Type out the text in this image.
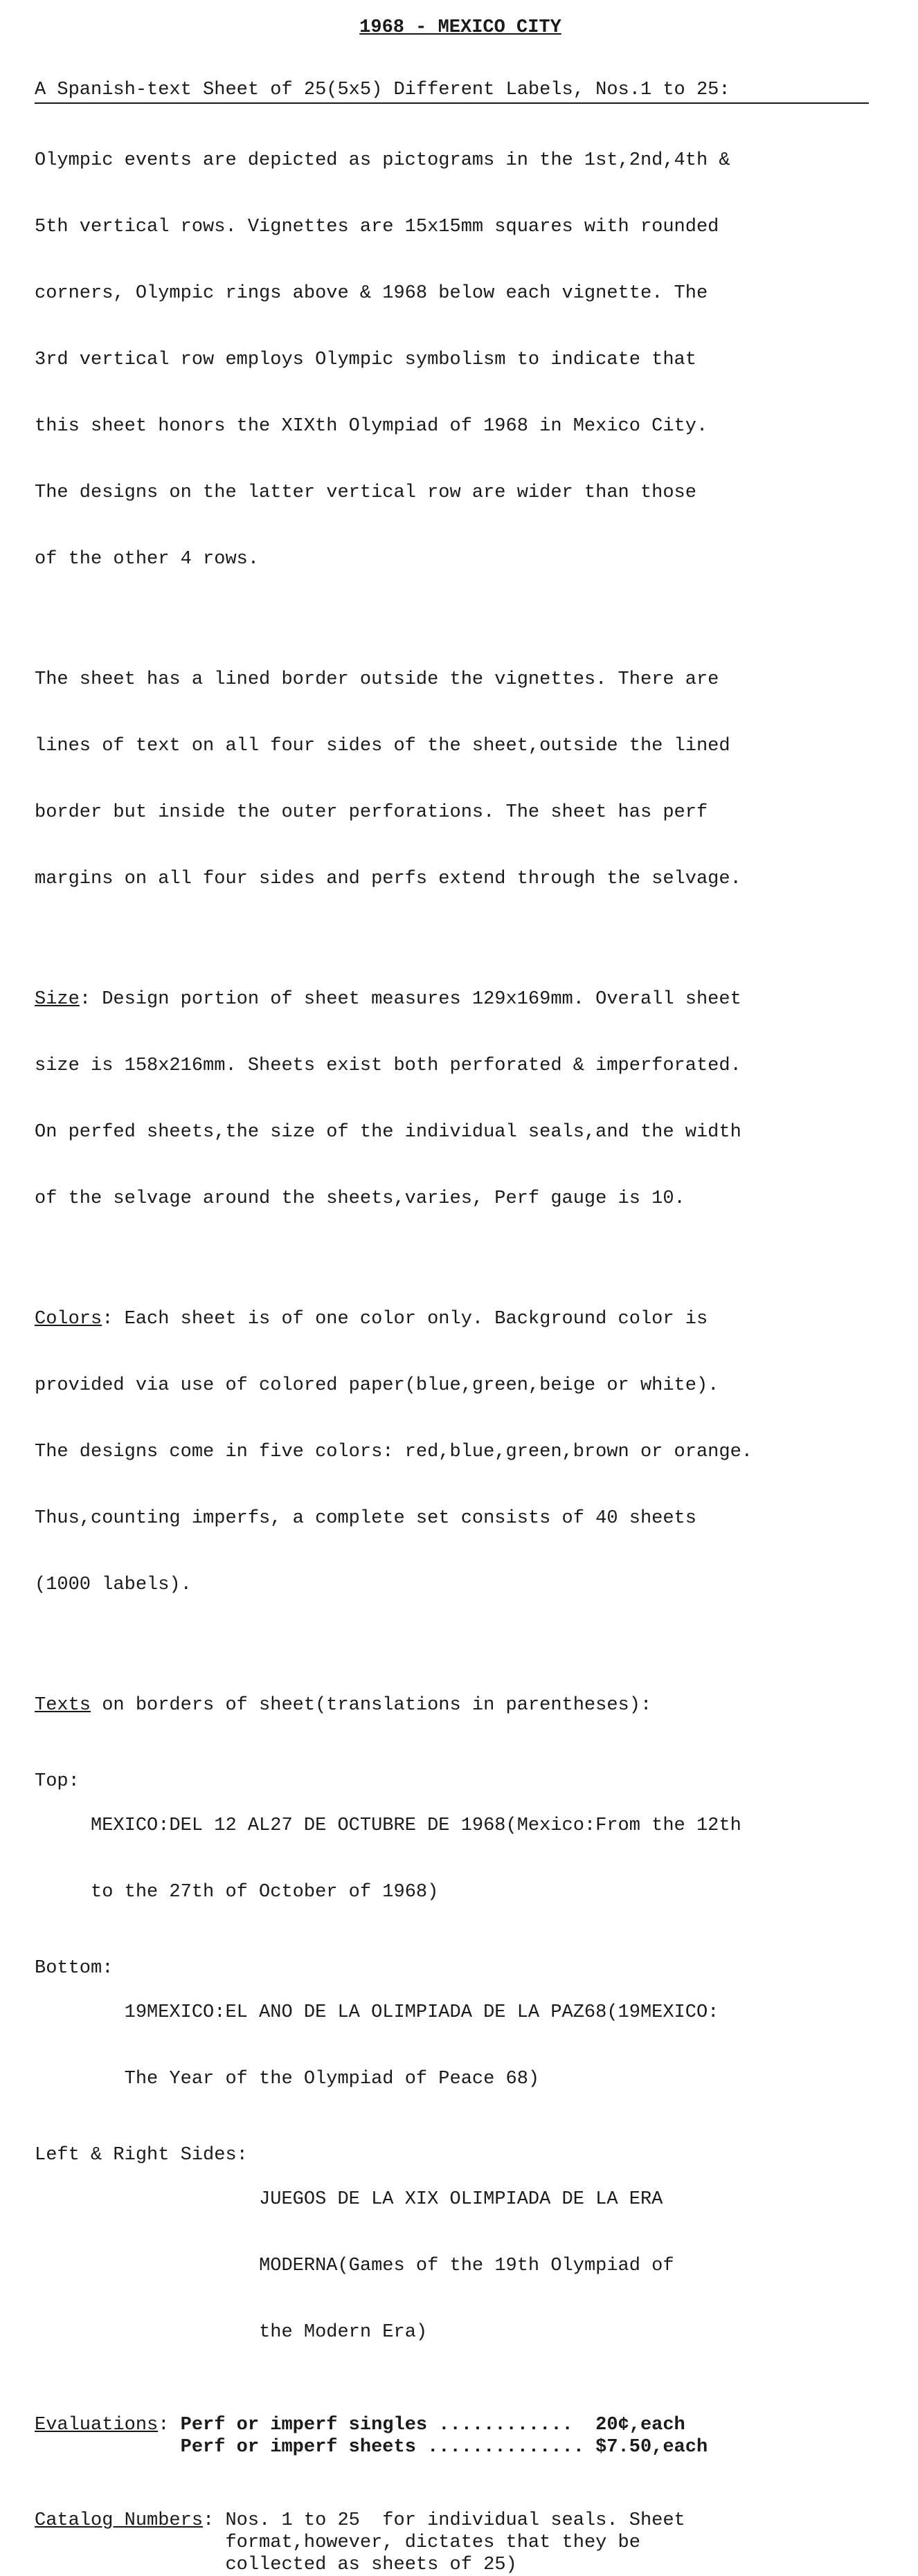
1968 - MEXICO CITY
A Spanish-text Sheet of 25(5x5) Different Labels, Nos.1 to 25:

Olympic events are depicted as pictograms in the 1st,2nd,4th &

5th vertical rows. Vignettes are 15x15mm squares with rounded

corners, Olympic rings above & 1968 below each vignette. The

3rd vertical row employs Olympic symbolism to indicate that

this sheet honors the XIXth Olympiad of 1968 in Mexico City.

The designs on the latter vertical row are wider than those

of the other 4 rows.

The sheet has a lined border outside the vignettes. There are

lines of text on all four sides of the sheet,outside the lined

border but inside the outer perforations. The sheet has perf

margins on all four sides and perfs extend through the selvage.

Size: Design portion of sheet measures 129x169mm. Overall sheet

size is 158x216mm. Sheets exist both perforated & imperforated.

On perfed sheets,the size of the individual seals,and the width

of the selvage around the sheets,varies, Perf gauge is 10.

Colors: Each sheet is of one color only. Background color is

provided via use of colored paper(blue,green,beige or white).

The designs come in five colors: red,blue,green,brown or orange.

Thus,counting imperfs, a complete set consists of 40 sheets

(1000 labels).

Texts on borders of sheet(translations in parentheses):

Top:

MEXICO:DEL 12 AL27 DE OCTUBRE DE 1968(Mexico:From the 12th

to the 27th of October of 1968)

Bottom:

19MEXICO:EL ANO DE LA OLIMPIADA DE LA PAZ68(19MEXICO:

The Year of the Olympiad of Peace 68)

Left & Right Sides:

JUEGOS DE LA XIX OLIMPIADA DE LA ERA

MODERNA(Games of the 19th Olympiad of

the Modern Era)

Evaluations: Perf or imperf singles ............  20¢,each
Perf or imperf sheets .............. $7.50,each
Catalog Numbers: Nos. 1 to 25  for individual seals. Sheet
format,however, dictates that they be
collected as sheets of 25)
